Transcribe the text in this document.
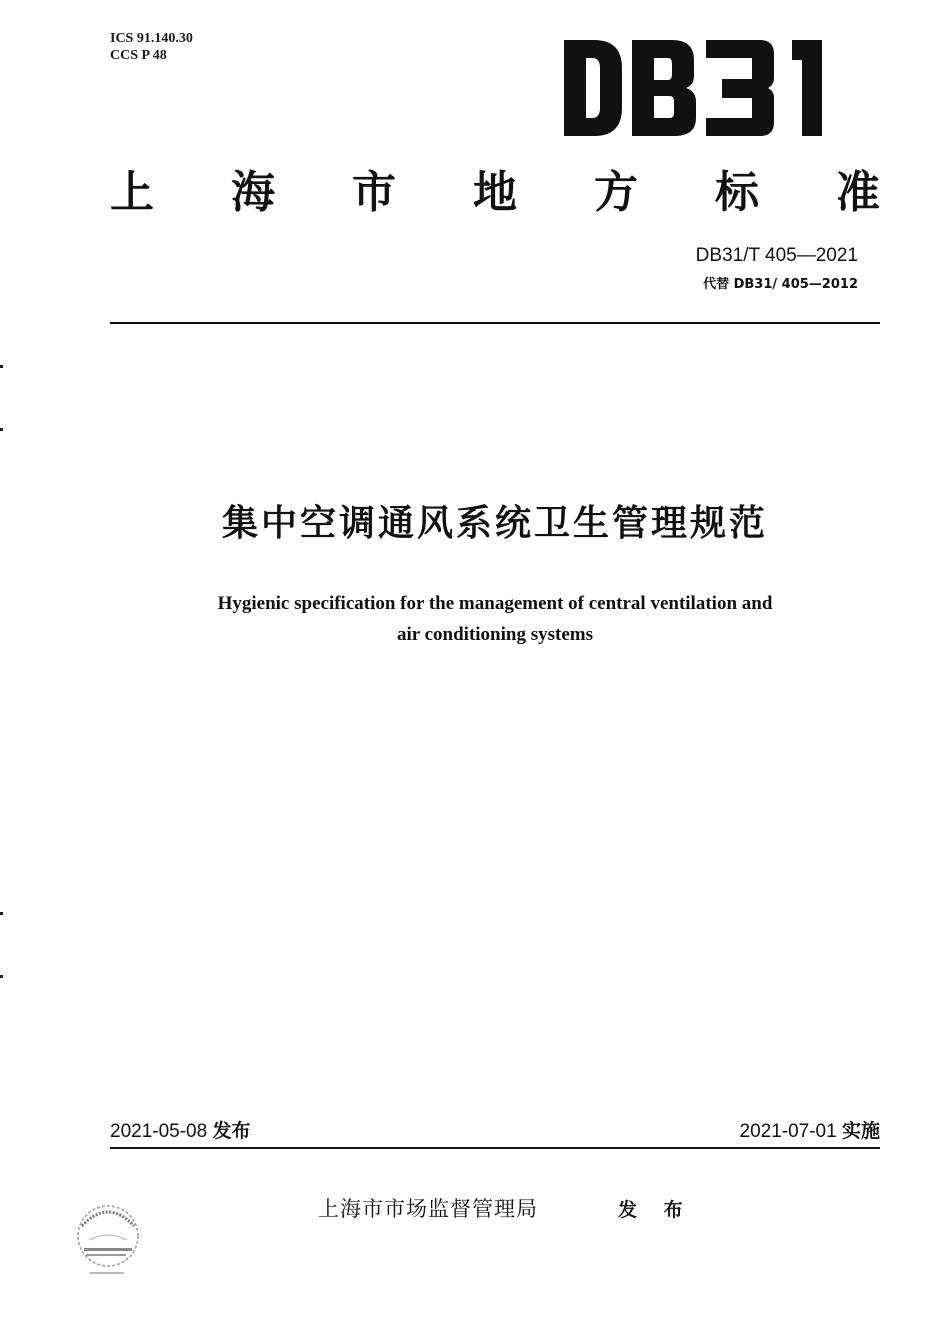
ICS 91.140.30
CCS P 48
上 海 市 地 方 标 准
DB31/T 405—2021
代替 DB31/ 405—2012
集中空调通风系统卫生管理规范
Hygienic specification for the management of central ventilation and
air conditioning systems
2021-05-08 发布	2021-07-01 实施
上海市市场监督管理局	发 布
